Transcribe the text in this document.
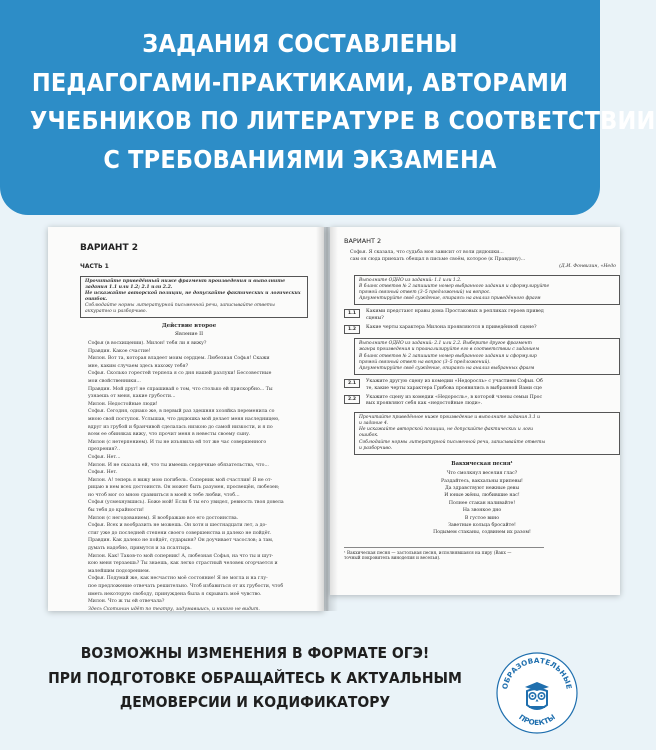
ЗАДАНИЯ СОСТАВЛЕНЫ
ПЕДАГОГАМИ-ПРАКТИКАМИ, АВТОРАМИ
УЧЕБНИКОВ ПО ЛИТЕРАТУРЕ В СООТВЕТСТВИИ
С ТРЕБОВАНИЯМИ ЭКЗАМЕНА
ВАРИАНТ 2
ЧАСТЬ 1
Прочитайте приведённый ниже фрагмент произведения и выполните задания 1.1 или 1.2; 2.1 или 2.2.
Не искажайте авторской позиции, не допускайте фактических и логических ошибок.
Соблюдайте нормы литературной письменной речи, записывайте ответы аккуратно и разборчиво.
Действие второе
Явление II
Софья (в восхищении). Милон! тебя ли я вижу?
Правдин. Какое счастие!
Милон. Вот та, которая владеет моим сердцем. Любезная Софья! Скажи
мне, каким случаем здесь нахожу тебя?
Софья. Сколько горестей терпела я со дня нашей разлуки! Бессовестные
мои свойственники...
Правдин. Мой друг! не спрашивай о том, что столько ей прискорбно... Ты
узнаешь от меня, какие грубости...
Милон. Недостойные люди!
Софья. Сегодня, однако же, в первый раз здешняя хозяйка переменила со
мною свой поступок. Услышав, что дядюшка мой делает меня наследницею,
вдруг из грубой и бранчивой сделалась низкою до самой низкости, и я по
всем ее обиняках вижу, что прочит меня в невесты своему сыну.
Милон (с нетерпением). И ты не изъявила ей тот же час совершенного
презрения?..
Софья. Нет...
Милон. И не сказала ей, что ты имеешь сердечные обязательства, что...
Софья. Нет.
Милон. А! теперь я вижу мою погибель. Соперник мой счастлив! Я не от-
рицаю в нем всех достоинств. Он может быть разумен, просвещён, любезен;
но чтоб мог со мною сравниться в моей к тебе любви, чтоб...
Софья (усмехнувшись). Боже мой! Если б ты его увидел, ревность твоя довела
бы тебя до крайности!
Милон (с негодованием). Я воображаю все его достоинства.
Софья. Всех и вообразить не можешь. Он хотя и шестнадцати лет, а до-
стиг уже до последней степени своего совершенства и далеко не пойдёт.
Правдин. Как далеко не пойдёт, сударыня? Он доучивает часослов; а там,
думать надобно, примутся и за псалтырь.
Милон. Как! Таков-то мой соперник! А, любезная Софья, на что ты и шут-
кою меня терзаешь? Ты знаешь, как легко страстный человек огорчается и
малейшим подозрением.
Софья. Подумай же, как несчастно моё состояние! Я не могла и на глу-
пое предложение отвечать решительно. Чтоб избавиться от их грубости, чтоб
иметь некоторую свободу, принуждена была я скрывать моё чувство.
Милон. Что ж ты ей отвечала?
Здесь Скотинин идёт по театру, задумавшись, и никого не видит.
ВАРИАНТ 2
Софья. Я сказала, что судьба моя зависит от воли дядюшки...
сам он сюда приехать обещал в письме своём, которое (к Правдину)...
(Д.И. Фонвизин, «Недо
Выполните ОДНО из заданий: 1.1 или 1.2.
В бланк ответов № 2 запишите номер выбранного задания и сформулируйте
прямой связный ответ (3–5 предложений) на вопрос.
Аргументируйте своё суждение, опираясь на анализ приведённого фрагм
1.1	Какими предстают нравы дома Простаковых в репликах героев привед
сцены?
1.2	Какие черты характера Милона проявляются в приведённой сцене?
Выполните ОДНО из заданий: 2.1 или 2.2. Выберите другое фрагмент
жанра произведения и проанализируйте его в соответствии с заданием
В бланк ответов № 2 запишите номер выбранного задания и сформулир
прямой связный ответ на вопрос (3–5 предложений).
Аргументируйте своё суждение, опираясь на анализ выбранных фрагм
2.1	Укажите другую сцену из комедии «Недоросль» с участием Софьи. Об
те, какие черты характера Грибова проявились в выбранной Вами сце
2.2	Укажите сцену из комедии «Недоросль», в которой члены семьи Прос
вых проявляют себя как «недостойные люди».
Прочитайте приведённое ниже произведение и выполните задания 3.1 и
и задание 4.
Не искажайте авторской позиции, не допускайте фактических и логи
ошибок.
Соблюдайте нормы литературной письменной речи, записывайте ответы
и разборчиво.
Вакхическая песня¹
Что смолкнул веселия глас?
Раздайтесь, вакхальны припевы!
Да здравствуют нежные девы
И юные жёны, любившие нас!
Полнее стакан наливайте!
На звонкое дно
В густое вино
Заветные кольца бросайте!
Подымем стаканы, содвинем их разом!
¹ Вакхическая песня — застольная песня, исполнявшаяся на пиру (Вакх —
точный покровитель виноделия и веселья).
ВОЗМОЖНЫ ИЗМЕНЕНИЯ В ФОРМАТЕ ОГЭ!
ПРИ ПОДГОТОВКЕ ОБРАЩАЙТЕСЬ К АКТУАЛЬНЫМ
ДЕМОВЕРСИИ И КОДИФИКАТОРУ
ОБРАЗОВАТЕЛЬНЫЕ
ПРОЕКТЫ
